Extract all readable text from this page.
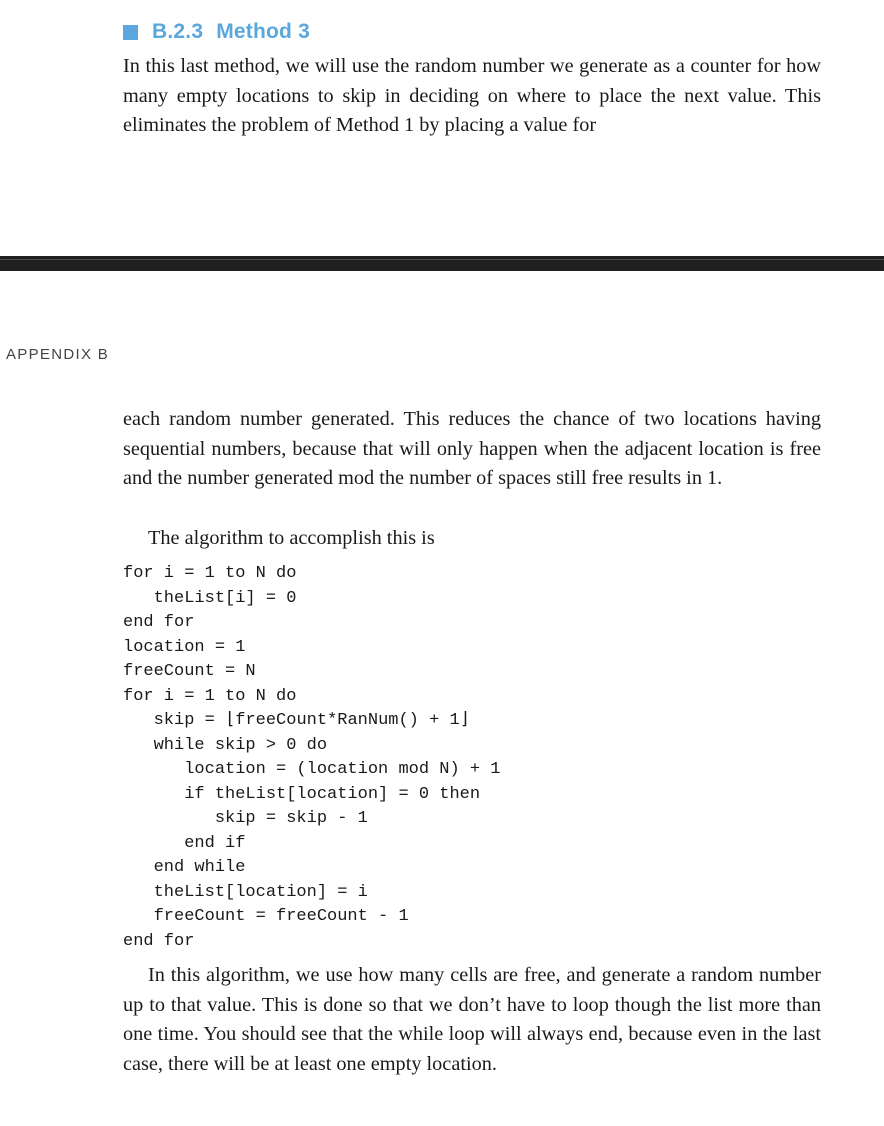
B.2.3 Method 3

In this last method, we will use the random number we generate as a counter for how many empty locations to skip in deciding on where to place the next value. This eliminates the problem of Method 1 by placing a value for

APPENDIX B

each random number generated. This reduces the chance of two locations having sequential numbers, because that will only happen when the adjacent location is free and the number generated mod the number of spaces still free results in 1.

The algorithm to accomplish this is

for i = 1 to N do
theList[i] = 0
end for
location = 1
freeCount = N
for i = 1 to N do
skip = ⌊freeCount*RanNum() + 1⌋
while skip > 0 do
location = (location mod N) + 1
if theList[location] = 0 then
skip = skip - 1
end if
end while
theList[location] = i
freeCount = freeCount - 1
end for

In this algorithm, we use how many cells are free, and generate a random number up to that value. This is done so that we don’t have to loop though the list more than one time. You should see that the while loop will always end, because even in the last case, there will be at least one empty location.
